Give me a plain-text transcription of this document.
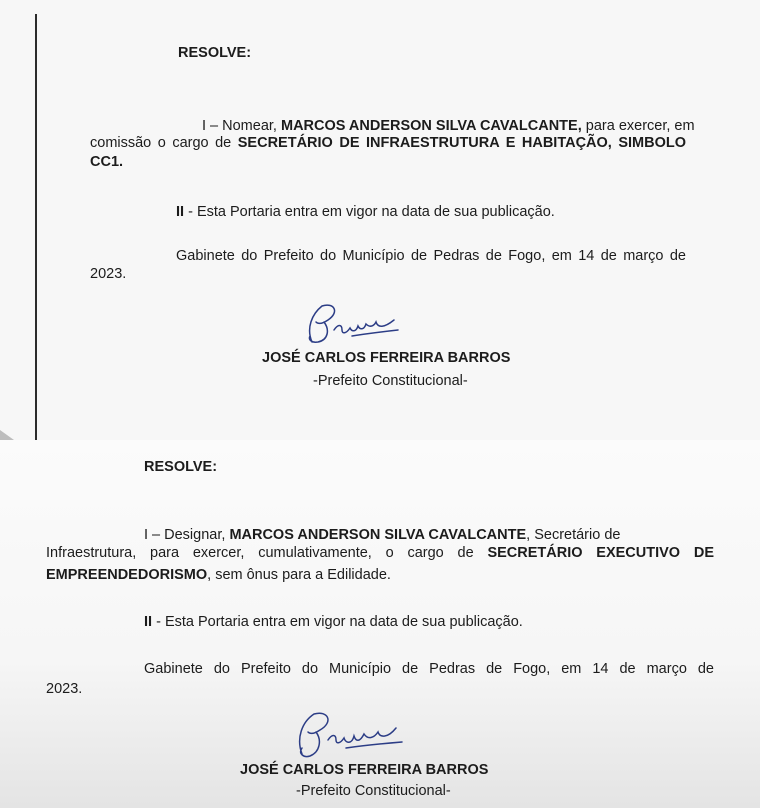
RESOLVE:

I – Nomear, MARCOS ANDERSON SILVA CAVALCANTE, para exercer, em

comissão o cargo de SECRETÁRIO DE INFRAESTRUTURA E HABITAÇÃO, SIMBOLO

CC1.

II - Esta Portaria entra em vigor na data de sua publicação.

Gabinete do Prefeito do Município de Pedras de Fogo, em 14 de março de

2023.

JOSÉ CARLOS FERREIRA BARROS

-Prefeito Constitucional-

RESOLVE:

I – Designar, MARCOS ANDERSON SILVA CAVALCANTE, Secretário de

Infraestrutura, para exercer, cumulativamente, o cargo de SECRETÁRIO EXECUTIVO DE

EMPREENDEDORISMO, sem ônus para a Edilidade.

II - Esta Portaria entra em vigor na data de sua publicação.

Gabinete do Prefeito do Município de Pedras de Fogo, em 14 de março de

2023.

JOSÉ CARLOS FERREIRA BARROS

-Prefeito Constitucional-
